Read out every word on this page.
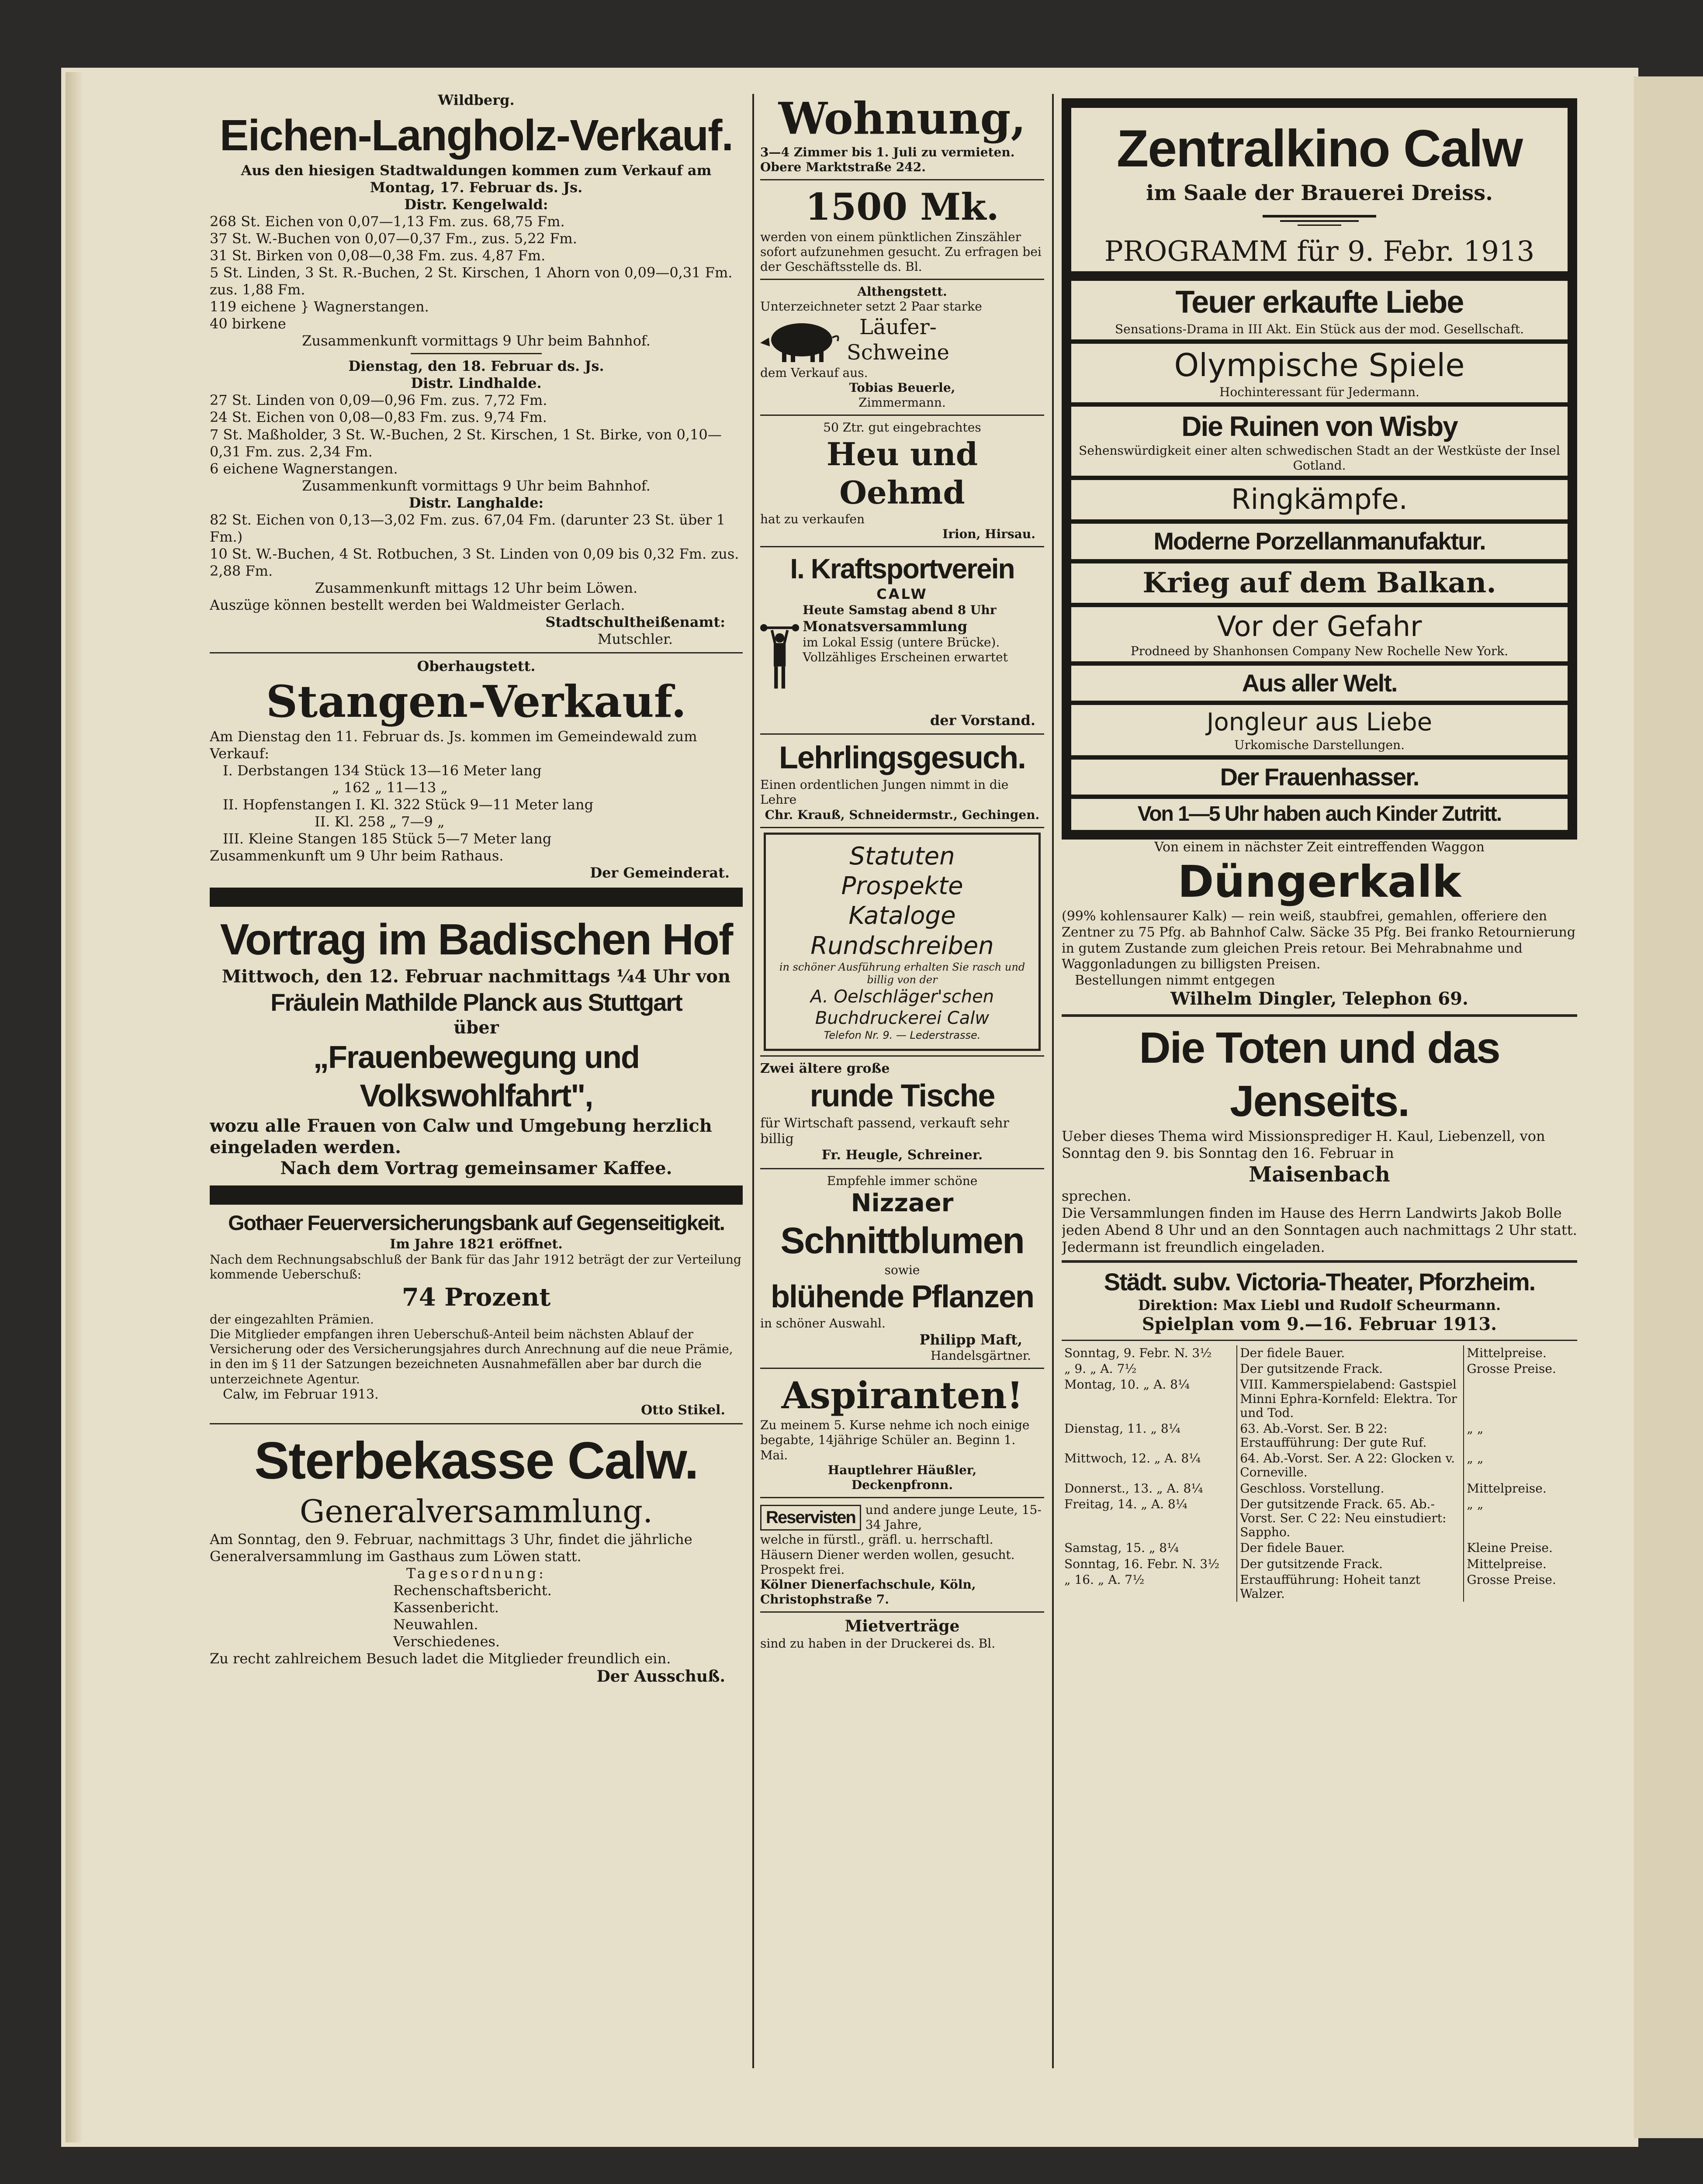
Wildberg.

Eichen-Langholz-Verkauf.

Aus den hiesigen Stadtwaldungen kommen zum Verkauf am Montag, 17. Februar ds. Js.

Distr. Kengelwald:

268 St. Eichen von 0,07—1,13 Fm. zus. 68,75 Fm.

37 St. W.-Buchen von 0,07—0,37 Fm., zus. 5,22 Fm.

31 St. Birken von 0,08—0,38 Fm. zus. 4,87 Fm.

5 St. Linden, 3 St. R.-Buchen, 2 St. Kirschen, 1 Ahorn von 0,09—0,31 Fm. zus. 1,88 Fm.

119 eichene } Wagnerstangen.

40 birkene

Zusammenkunft vormittags 9 Uhr beim Bahnhof.

Dienstag, den 18. Februar ds. Js.

Distr. Lindhalde.

27 St. Linden von 0,09—0,96 Fm. zus. 7,72 Fm.

24 St. Eichen von 0,08—0,83 Fm. zus. 9,74 Fm.

7 St. Maßholder, 3 St. W.-Buchen, 2 St. Kirschen, 1 St. Birke, von 0,10—0,31 Fm. zus. 2,34 Fm.

6 eichene Wagnerstangen.

Zusammenkunft vormittags 9 Uhr beim Bahnhof.

Distr. Langhalde:

82 St. Eichen von 0,13—3,02 Fm. zus. 67,04 Fm. (darunter 23 St. über 1 Fm.)

10 St. W.-Buchen, 4 St. Rotbuchen, 3 St. Linden von 0,09 bis 0,32 Fm. zus. 2,88 Fm.

Zusammenkunft mittags 12 Uhr beim Löwen.

Auszüge können bestellt werden bei Waldmeister Gerlach.

Stadtschultheißenamt:

Mutschler.

Oberhaugstett.

Stangen-Verkauf.

Am Dienstag den 11. Februar ds. Js. kommen im Gemeindewald zum Verkauf:

I. Derbstangen 134 Stück 13—16 Meter lang

„ 162 „ 11—13 „

II. Hopfenstangen I. Kl. 322 Stück 9—11 Meter lang

II. Kl. 258 „ 7—9 „

III. Kleine Stangen 185 Stück 5—7 Meter lang

Zusammenkunft um 9 Uhr beim Rathaus.

Der Gemeinderat.

Vortrag im Badischen Hof

Mittwoch, den 12. Februar nachmittags ¼4 Uhr von

Fräulein Mathilde Planck aus Stuttgart

über

„Frauenbewegung und Volkswohlfahrt",

wozu alle Frauen von Calw und Umgebung herzlich eingeladen werden.

Nach dem Vortrag gemeinsamer Kaffee.

Gothaer Feuerversicherungsbank auf Gegenseitigkeit.

Im Jahre 1821 eröffnet.

Nach dem Rechnungsabschluß der Bank für das Jahr 1912 beträgt der zur Verteilung kommende Ueberschuß:

74 Prozent

der eingezahlten Prämien.

Die Mitglieder empfangen ihren Ueberschuß-Anteil beim nächsten Ablauf der Versicherung oder des Versicherungsjahres durch Anrechnung auf die neue Prämie, in den im § 11 der Satzungen bezeichneten Ausnahmefällen aber bar durch die unterzeichnete Agentur.

Calw, im Februar 1913.

Otto Stikel.

Sterbekasse Calw.

Generalversammlung.

Am Sonntag, den 9. Februar, nachmittags 3 Uhr, findet die jährliche Generalversammlung im Gasthaus zum Löwen statt.

Tagesordnung:

Rechenschaftsbericht.

Kassenbericht.

Neuwahlen.

Verschiedenes.

Zu recht zahlreichem Besuch ladet die Mitglieder freundlich ein.

Der Ausschuß.

Wohnung,

3—4 Zimmer bis 1. Juli zu vermieten. Obere Marktstraße 242.

1500 Mk.

werden von einem pünktlichen Zinszähler sofort aufzunehmen gesucht. Zu erfragen bei der Geschäftsstelle ds. Bl.

Althengstett.

Unterzeichneter setzt 2 Paar starke

Läufer-

Schweine

dem Verkauf aus.

Tobias Beuerle,

Zimmermann.

50 Ztr. gut eingebrachtes

Heu und Oehmd

hat zu verkaufen

Irion, Hirsau.

I. Kraftsportverein

CALW

Heute Samstag abend 8 Uhr

Monatsversammlung

im Lokal Essig (untere Brücke). Vollzähliges Erscheinen erwartet

der Vorstand.

Lehrlingsgesuch.

Einen ordentlichen Jungen nimmt in die Lehre

Chr. Krauß, Schneidermstr., Gechingen.

Statuten

Prospekte

Kataloge

Rundschreiben

in schöner Ausführung erhalten Sie rasch und billig von der

A. Oelschläger'schen Buchdruckerei Calw

Telefon Nr. 9. — Lederstrasse.

Zwei ältere große

runde Tische

für Wirtschaft passend, verkauft sehr billig

Fr. Heugle, Schreiner.

Empfehle immer schöne

Nizzaer

Schnittblumen

sowie

blühende Pflanzen

in schöner Auswahl.

Philipp Maft,

Handelsgärtner.

Aspiranten!

Zu meinem 5. Kurse nehme ich noch einige begabte, 14jährige Schüler an. Beginn 1. Mai.

Hauptlehrer Häußler,

Deckenpfronn.

Reservisten und andere junge Leute, 15-34 Jahre,

welche in fürstl., gräfl. u. herrschaftl. Häusern Diener werden wollen, gesucht. Prospekt frei.

Kölner Dienerfachschule, Köln, Christophstraße 7.

Mietverträge

sind zu haben in der Druckerei ds. Bl.

Zentralkino Calw

im Saale der Brauerei Dreiss.

PROGRAMM für 9. Febr. 1913

Teuer erkaufte Liebe

Sensations-Drama in III Akt. Ein Stück aus der mod. Gesellschaft.

Olympische Spiele

Hochinteressant für Jedermann.

Die Ruinen von Wisby

Sehenswürdigkeit einer alten schwedischen Stadt an der Westküste der Insel Gotland.

Ringkämpfe.

Moderne Porzellanmanufaktur.

Krieg auf dem Balkan.

Vor der Gefahr

Prodneed by Shanhonsen Company New Rochelle New York.

Aus aller Welt.

Jongleur aus Liebe

Urkomische Darstellungen.

Der Frauenhasser.

Von 1—5 Uhr haben auch Kinder Zutritt.

Von einem in nächster Zeit eintreffenden Waggon

Düngerkalk

(99% kohlensaurer Kalk) — rein weiß, staubfrei, gemahlen, offeriere den Zentner zu 75 Pfg. ab Bahnhof Calw. Säcke 35 Pfg. Bei franko Retournierung in gutem Zustande zum gleichen Preis retour. Bei Mehrabnahme und Waggonladungen zu billigsten Preisen.

Bestellungen nimmt entgegen

Wilhelm Dingler, Telephon 69.

Die Toten und das Jenseits.

Ueber dieses Thema wird Missionsprediger H. Kaul, Liebenzell, von Sonntag den 9. bis Sonntag den 16. Februar in

Maisenbach

sprechen.

Die Versammlungen finden im Hause des Herrn Landwirts Jakob Bolle jeden Abend 8 Uhr und an den Sonntagen auch nachmittags 2 Uhr statt. Jedermann ist freundlich eingeladen.

Städt. subv. Victoria-Theater, Pforzheim.

Direktion: Max Liebl und Rudolf Scheurmann.

Spielplan vom 9.—16. Februar 1913.

Sonntag, 9. Febr. N. 3½	Der fidele Bauer.	Mittelpreise.
„ 9. „ A. 7½	Der gutsitzende Frack.	Grosse Preise.
Montag, 10. „ A. 8¼	VIII. Kammerspielabend: Gastspiel Minni Ephra-Kornfeld: Elektra. Tor und Tod.	
Dienstag, 11. „ 8¼	63. Ab.-Vorst. Ser. B 22: Erstaufführung: Der gute Ruf.	„ „
Mittwoch, 12. „ A. 8¼	64. Ab.-Vorst. Ser. A 22: Glocken v. Corneville.	„ „
Donnerst., 13. „ A. 8¼	Geschloss. Vorstellung.	Mittelpreise.
Freitag, 14. „ A. 8¼	Der gutsitzende Frack. 65. Ab.-Vorst. Ser. C 22: Neu einstudiert: Sappho.	„ „
Samstag, 15. „ 8¼	Der fidele Bauer.	Kleine Preise.
Sonntag, 16. Febr. N. 3½	Der gutsitzende Frack.	Mittelpreise.
„ 16. „ A. 7½	Erstaufführung: Hoheit tanzt Walzer.	Grosse Preise.
